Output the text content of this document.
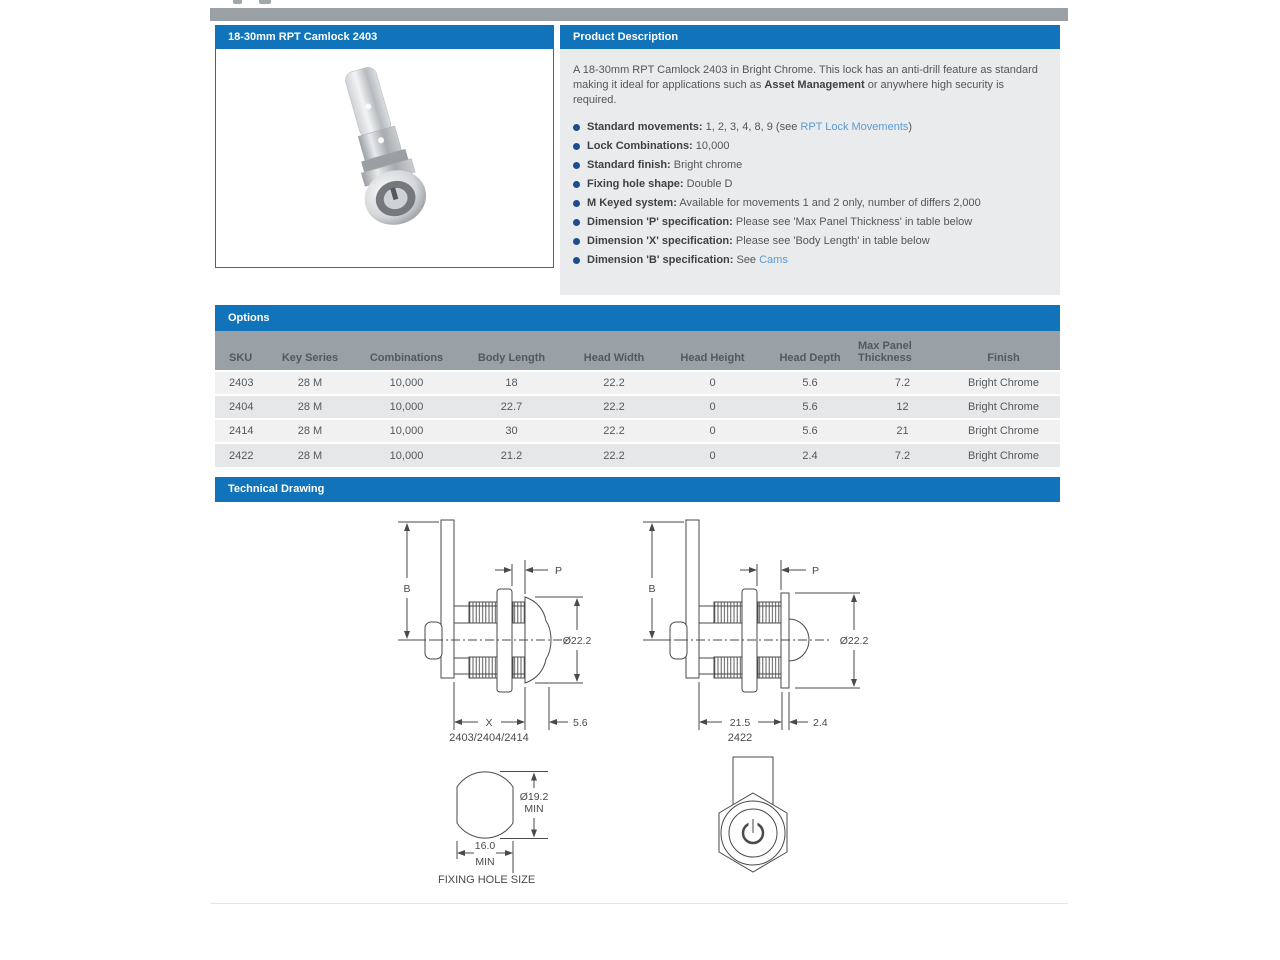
18-30mm RPT Camlock 2403	Product Description

A 18-30mm RPT Camlock 2403 in Bright Chrome. This lock has an anti-drill feature as standard making it ideal for applications such as Asset Management or anywhere high security is required.

Standard movements: 1, 2, 3, 4, 8, 9 (see RPT Lock Movements)
Lock Combinations: 10,000
Standard finish: Bright chrome
Fixing hole shape: Double D
M Keyed system: Available for movements 1 and 2 only, number of differs 2,000
Dimension 'P' specification: Please see 'Max Panel Thickness' in table below
Dimension 'X' specification: Please see 'Body Length' in table below
Dimension 'B' specification: See Cams
Options
SKU	Key Series	Combinations	Body Length	Head Width	Head Height	Head Depth	Max Panel Thickness	Finish
2403	28 M	10,000	18	22.2	0	5.6	7.2	Bright Chrome
2404	28 M	10,000	22.7	22.2	0	5.6	12	Bright Chrome
2414	28 M	10,000	30	22.2	0	5.6	21	Bright Chrome
2422	28 M	10,000	21.2	22.2	0	2.4	7.2	Bright Chrome
Technical Drawing
B
Ø22.2
P
X	5.6
2403/2404/2414
B
Ø22.2
P
21.5	2.4
2422
Ø19.2
MIN
16.0
MIN
FIXING HOLE SIZE
